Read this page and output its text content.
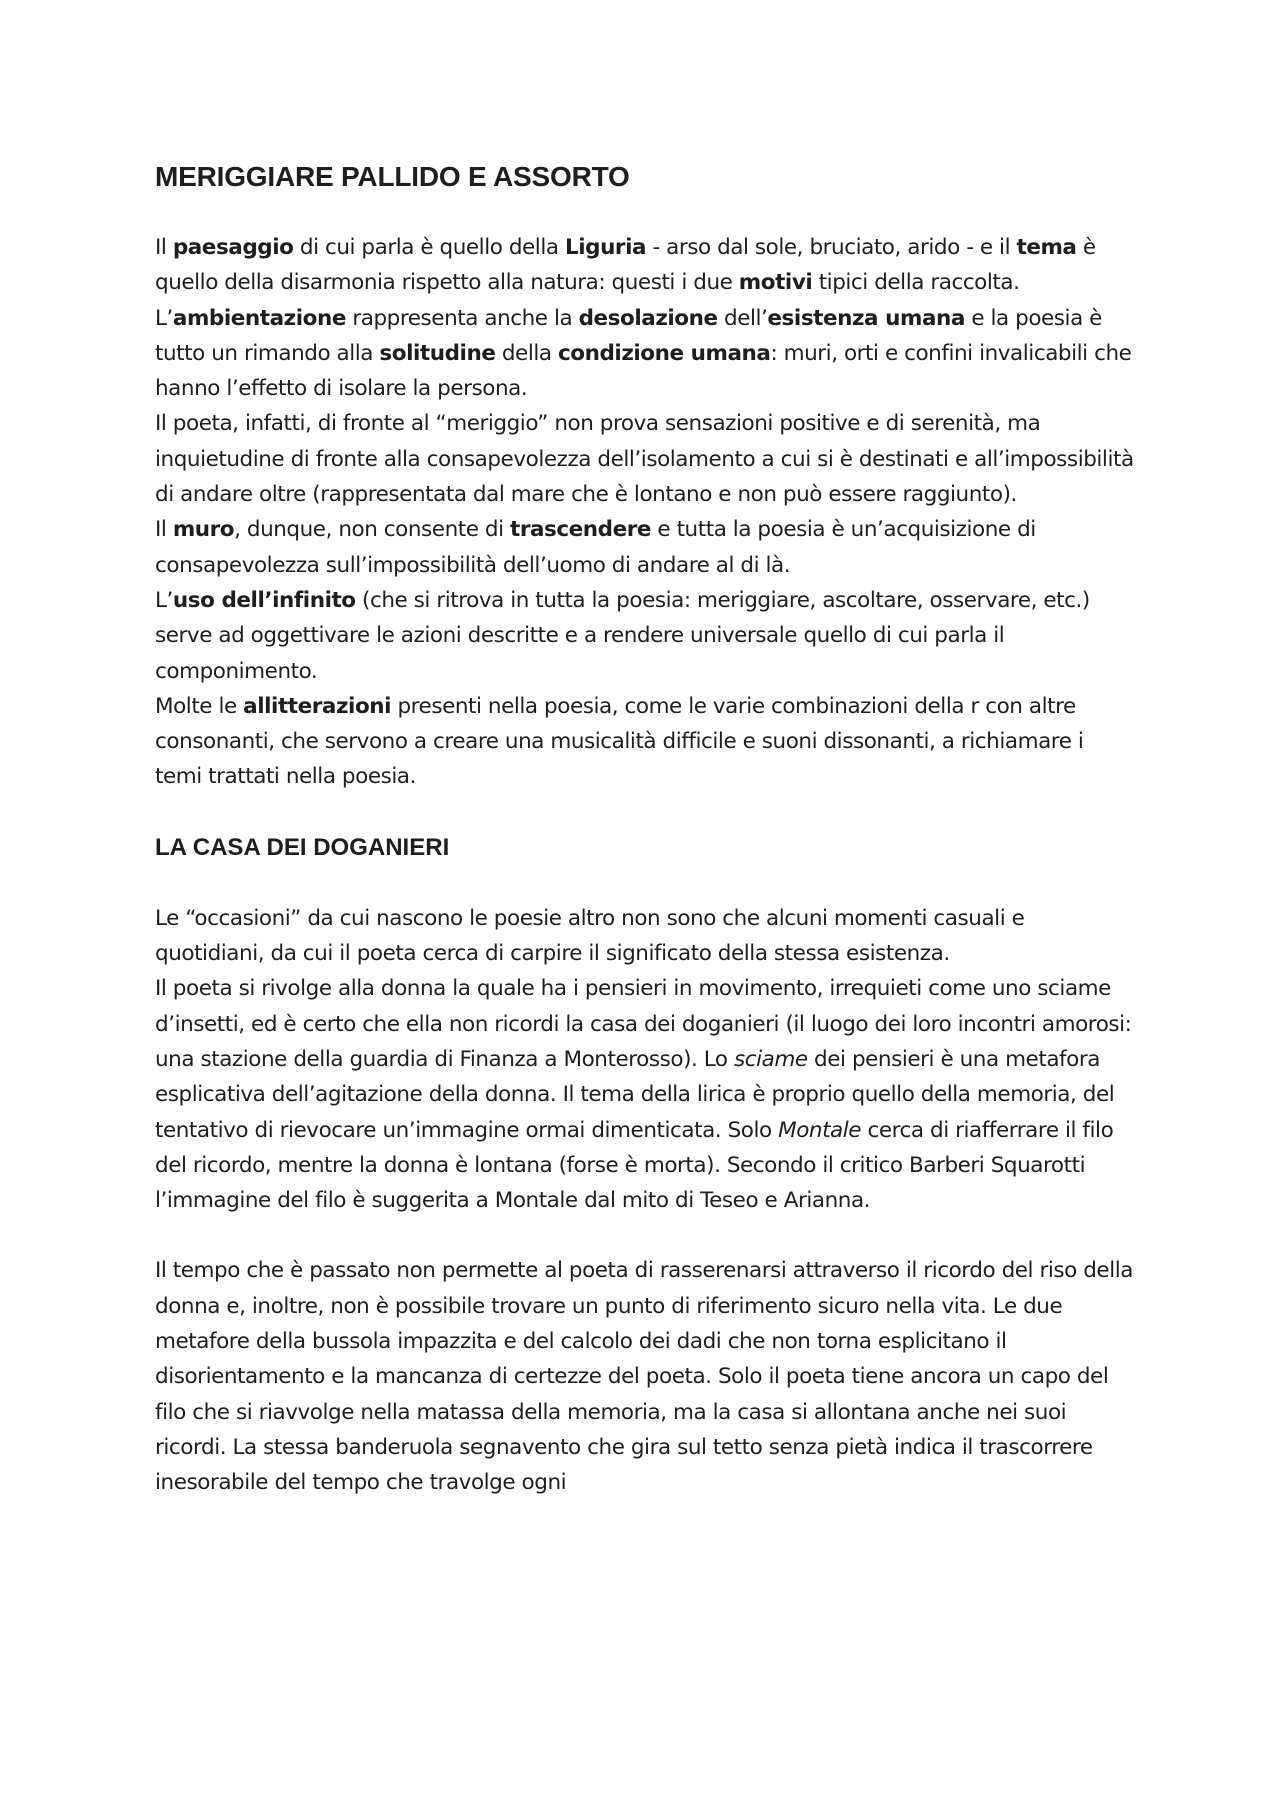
MERIGGIARE PALLIDO E ASSORTO

Il paesaggio di cui parla è quello della Liguria - arso dal sole, bruciato, arido - e il tema è quello della disarmonia rispetto alla natura: questi i due motivi tipici della raccolta.

L’ambientazione rappresenta anche la desolazione dell’esistenza umana e la poesia è tutto un rimando alla solitudine della condizione umana: muri, orti e confini invalicabili che hanno l’effetto di isolare la persona.

Il poeta, infatti, di fronte al “meriggio” non prova sensazioni positive e di serenità, ma inquietudine di fronte alla consapevolezza dell’isolamento a cui si è destinati e all’impossibilità di andare oltre (rappresentata dal mare che è lontano e non può essere raggiunto).

Il muro, dunque, non consente di trascendere e tutta la poesia è un’acquisizione di consapevolezza sull’impossibilità dell’uomo di andare al di là.

L’uso dell’infinito (che si ritrova in tutta la poesia: meriggiare, ascoltare, osservare, etc.) serve ad oggettivare le azioni descritte e a rendere universale quello di cui parla il componimento.

Molte le allitterazioni presenti nella poesia, come le varie combinazioni della r con altre consonanti, che servono a creare una musicalità difficile e suoni dissonanti, a richiamare i temi trattati nella poesia.

LA CASA DEI DOGANIERI

Le “occasioni” da cui nascono le poesie altro non sono che alcuni momenti casuali e quotidiani, da cui il poeta cerca di carpire il significato della stessa esistenza.

Il poeta si rivolge alla donna la quale ha i pensieri in movimento, irrequieti come uno sciame d’insetti, ed è certo che ella non ricordi la casa dei doganieri (il luogo dei loro incontri amorosi: una stazione della guardia di Finanza a Monterosso). Lo sciame dei pensieri è una metafora esplicativa dell’agitazione della donna. Il tema della lirica è proprio quello della memoria, del tentativo di rievocare un’immagine ormai dimenticata. Solo Montale cerca di riafferrare il filo del ricordo, mentre la donna è lontana (forse è morta). Secondo il critico Barberi Squarotti l’immagine del filo è suggerita a Montale dal mito di Teseo e Arianna.

Il tempo che è passato non permette al poeta di rasserenarsi attraverso il ricordo del riso della donna e, inoltre, non è possibile trovare un punto di riferimento sicuro nella vita. Le due metafore della bussola impazzita e del calcolo dei dadi che non torna esplicitano il disorientamento e la mancanza di certezze del poeta. Solo il poeta tiene ancora un capo del filo che si riavvolge nella matassa della memoria, ma la casa si allontana anche nei suoi ricordi. La stessa banderuola segnavento che gira sul tetto senza pietà indica il trascorrere inesorabile del tempo che travolge ogni
